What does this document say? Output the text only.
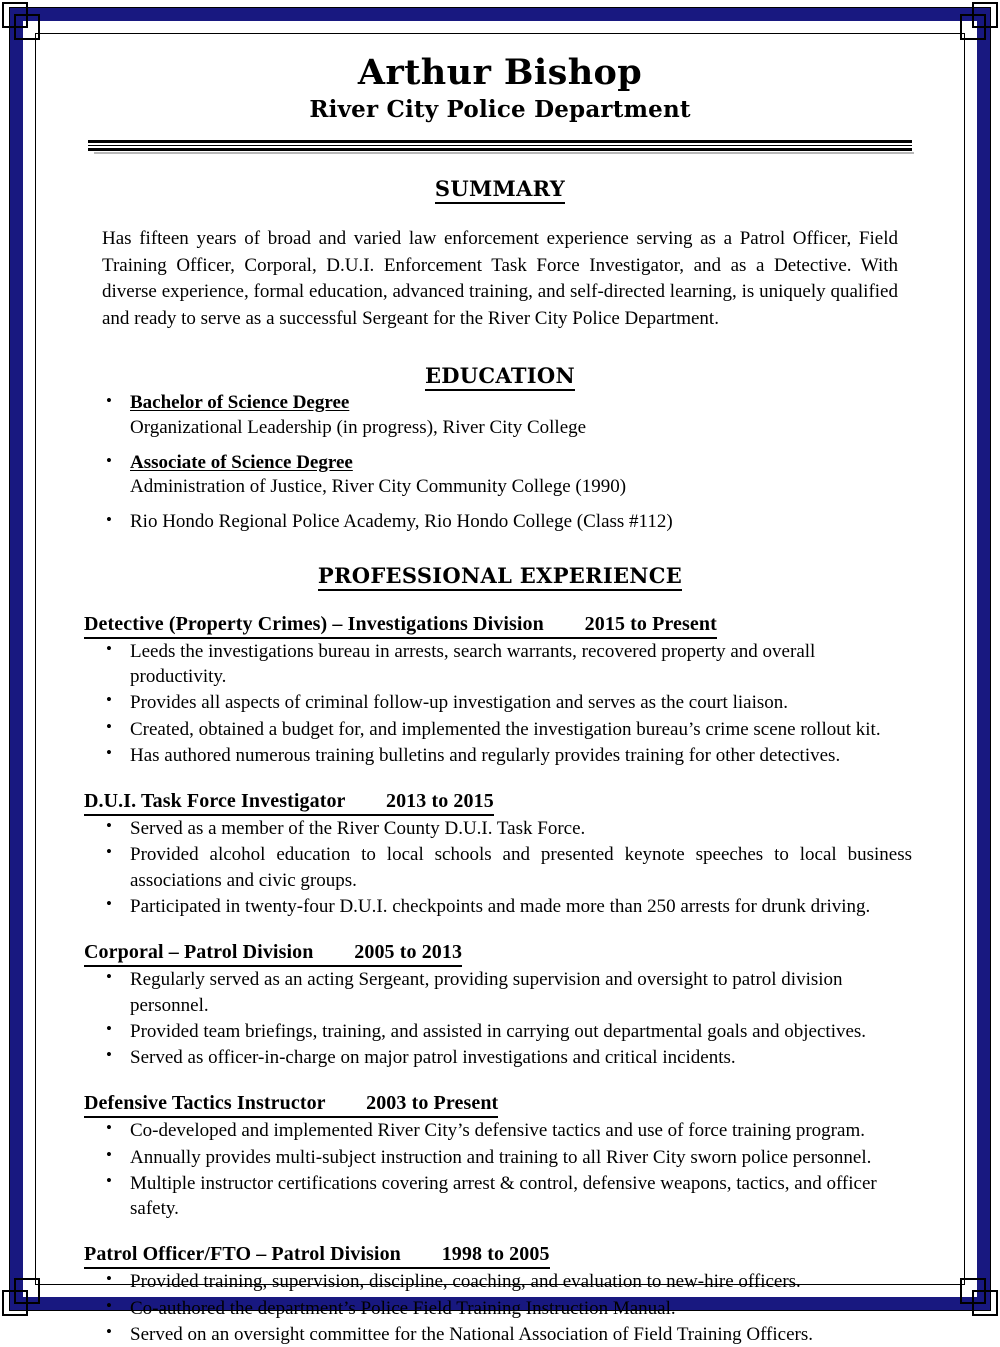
Arthur Bishop
River City Police Department
SUMMARY

Has fifteen years of broad and varied law enforcement experience serving as a Patrol Officer, Field Training Officer, Corporal, D.U.I. Enforcement Task Force Investigator, and as a Detective. With diverse experience, formal education, advanced training, and self-directed learning, is uniquely qualified and ready to serve as a successful Sergeant for the River City Police Department.

EDUCATION
• Bachelor of Science Degree
Organizational Leadership (in progress), River City College
• Associate of Science Degree
Administration of Justice, River City Community College (1990)
• Rio Hondo Regional Police Academy, Rio Hondo College (Class #112)
PROFESSIONAL EXPERIENCE
Detective (Property Crimes) – Investigations Division        2015 to Present
• Leeds the investigations bureau in arrests, search warrants, recovered property and overall productivity.
• Provides all aspects of criminal follow-up investigation and serves as the court liaison.
• Created, obtained a budget for, and implemented the investigation bureau’s crime scene rollout kit.
• Has authored numerous training bulletins and regularly provides training for other detectives.
D.U.I. Task Force Investigator        2013 to 2015
• Served as a member of the River County D.U.I. Task Force.
• Provided alcohol education to local schools and presented keynote speeches to local business associations and civic groups.
• Participated in twenty-four D.U.I. checkpoints and made more than 250 arrests for drunk driving.
Corporal – Patrol Division        2005 to 2013
• Regularly served as an acting Sergeant, providing supervision and oversight to patrol division personnel.
• Provided team briefings, training, and assisted in carrying out departmental goals and objectives.
• Served as officer-in-charge on major patrol investigations and critical incidents.
Defensive Tactics Instructor        2003 to Present
• Co-developed and implemented River City’s defensive tactics and use of force training program.
• Annually provides multi-subject instruction and training to all River City sworn police personnel.
• Multiple instructor certifications covering arrest & control, defensive weapons, tactics, and officer safety.
Patrol Officer/FTO – Patrol Division        1998 to 2005
• Provided training, supervision, discipline, coaching, and evaluation to new-hire officers.
• Co-authored the department’s Police Field Training Instruction Manual.
• Served on an oversight committee for the National Association of Field Training Officers.
